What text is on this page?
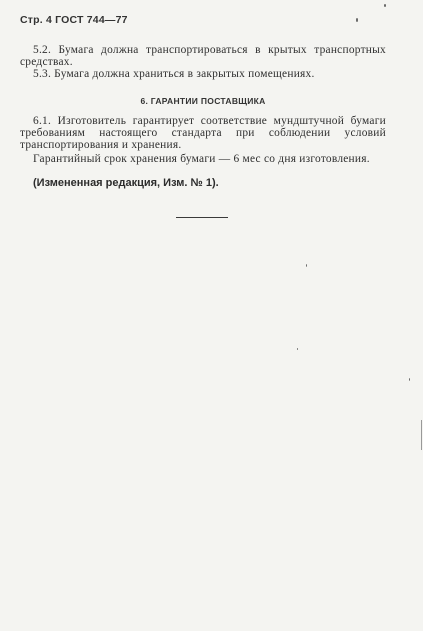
Стр. 4 ГОСТ 744—77

5.2. Бумага должна транспортироваться в крытых транспортных средствах.

5.3. Бумага должна храниться в закрытых помещениях.

6. ГАРАНТИИ ПОСТАВЩИКА

6.1. Изготовитель гарантирует соответствие мундштучной бумаги требованиям настоящего стандарта при соблюдении условий транспортирования и хранения.

Гарантийный срок хранения бумаги — 6 мес со дня изготовления.

(Измененная редакция, Изм. № 1).
